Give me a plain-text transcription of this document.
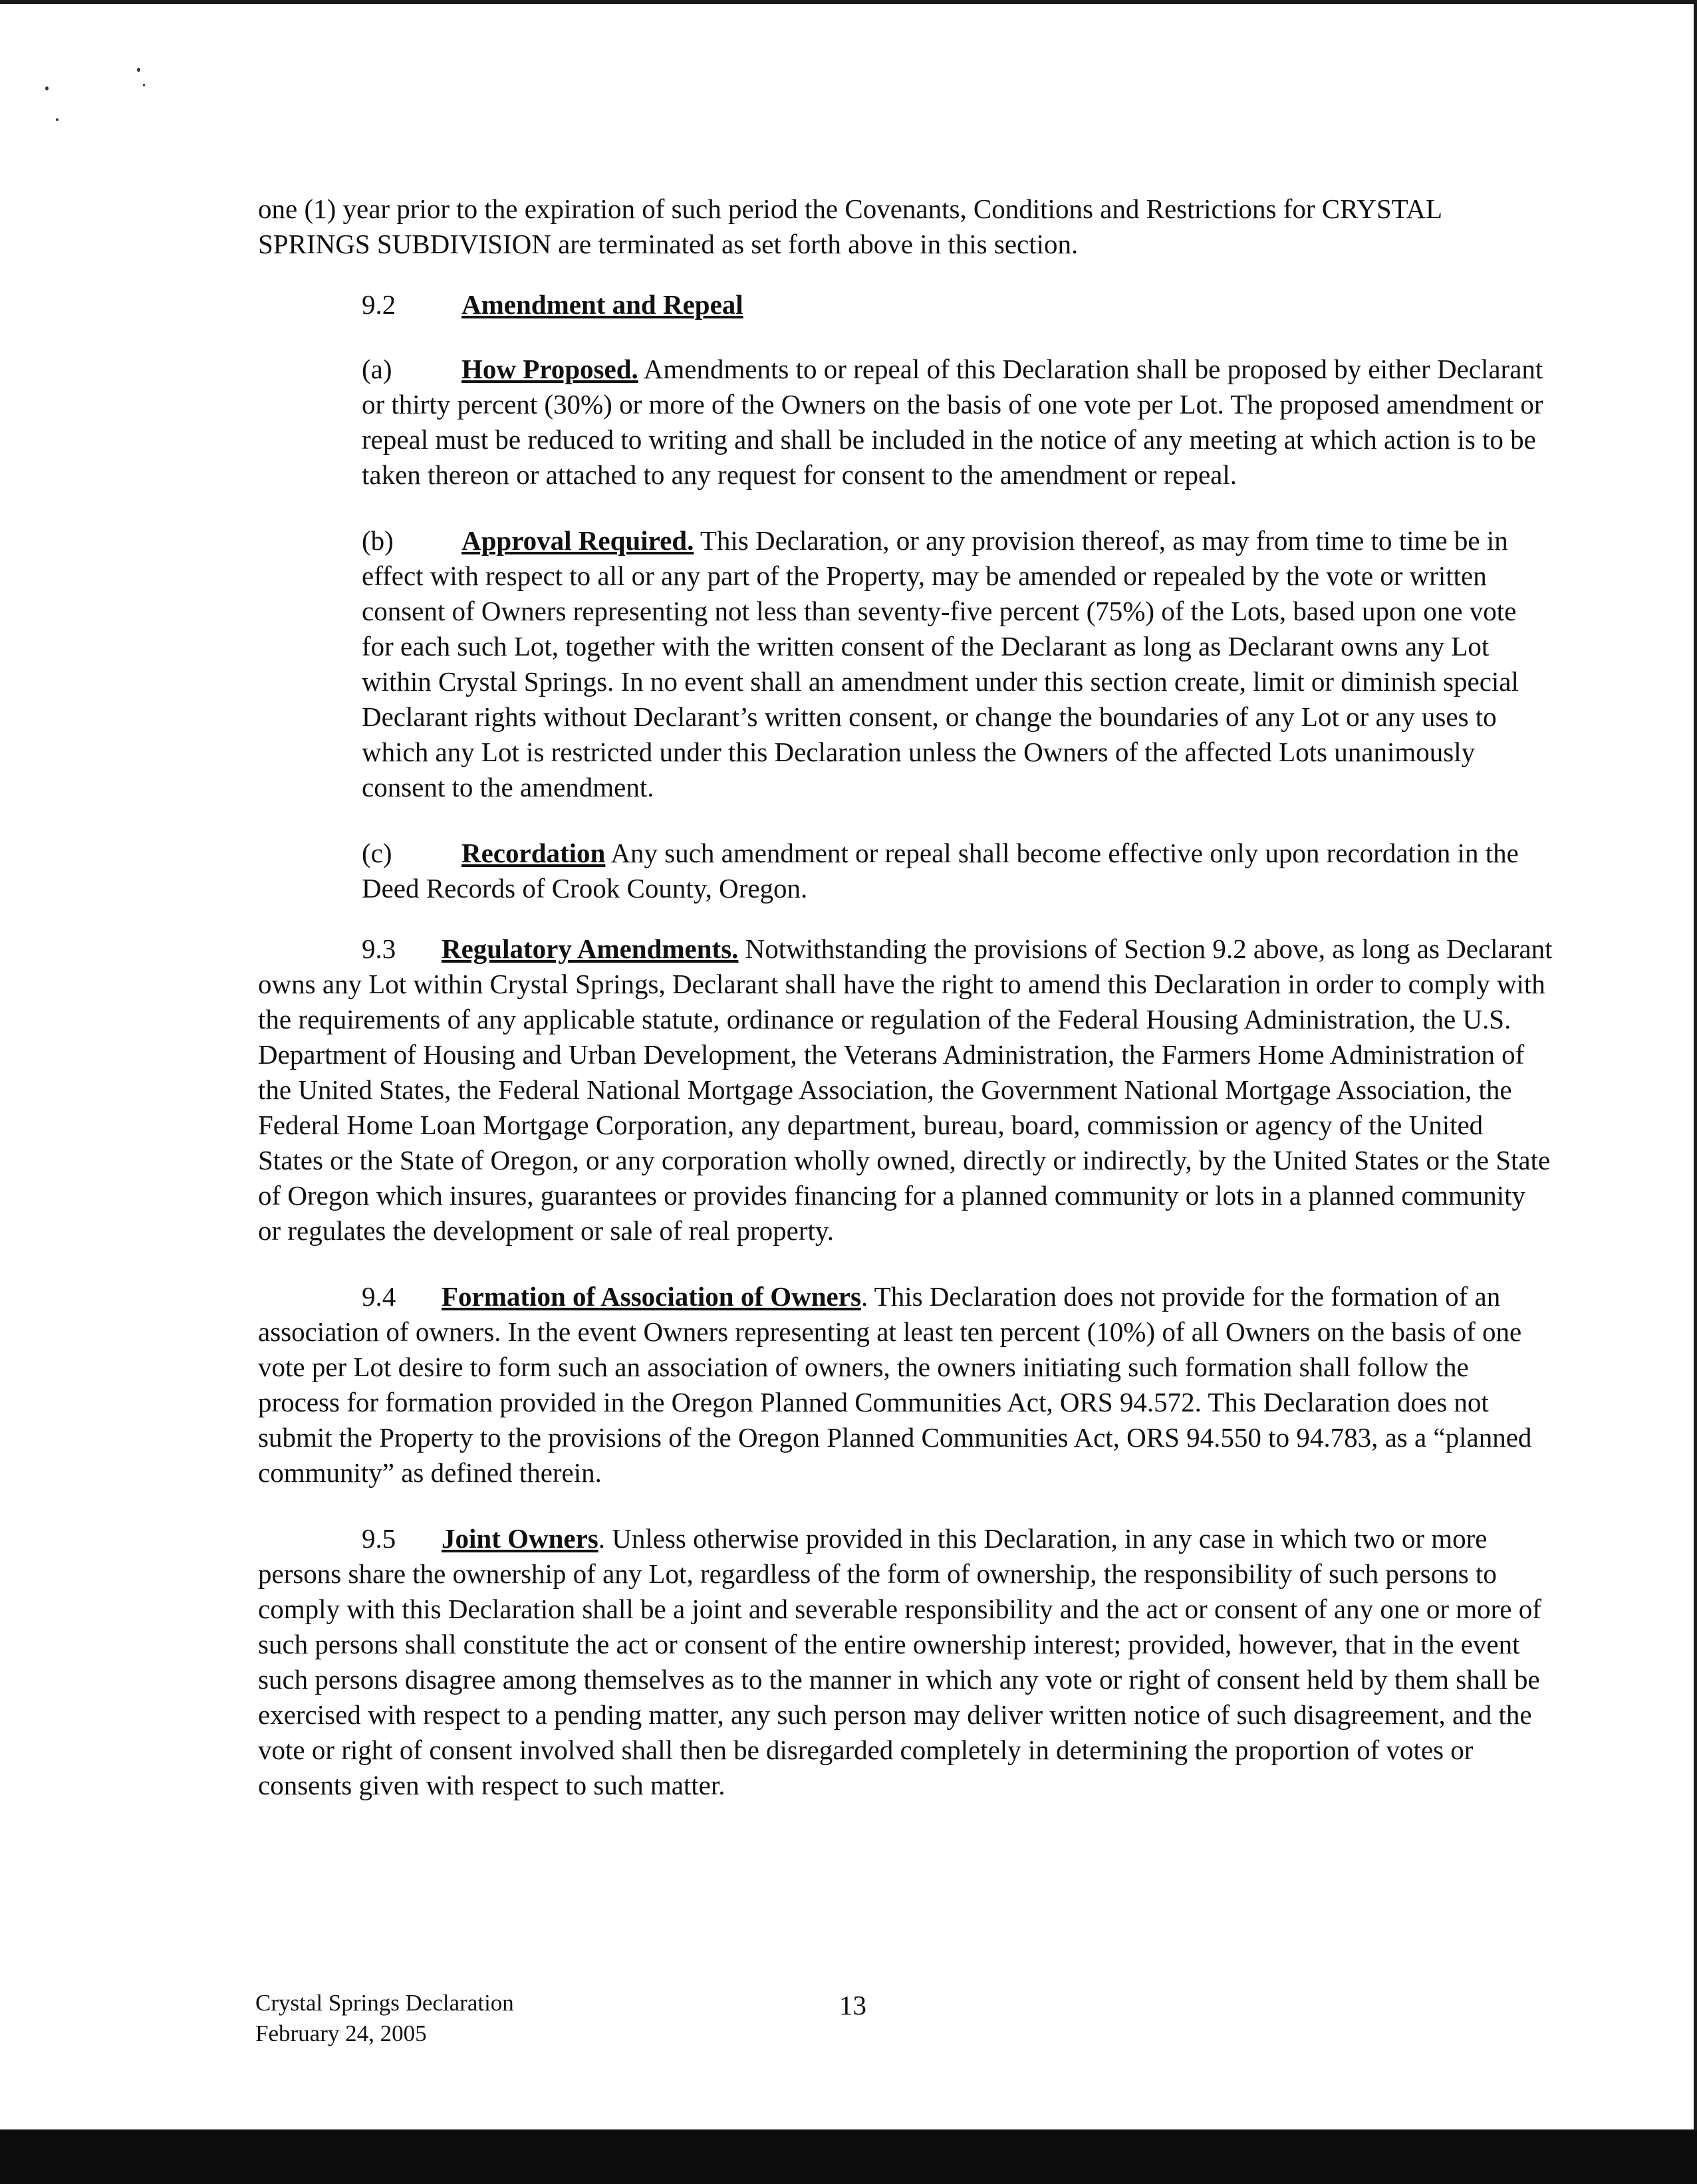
one (1) year prior to the expiration of such period the Covenants, Conditions and Restrictions for CRYSTAL SPRINGS SUBDIVISION are terminated as set forth above in this section.

9.2 Amendment and Repeal

(a)	How Proposed. Amendments to or repeal of this Declaration shall be proposed by either Declarant or thirty percent (30%) or more of the Owners on the basis of one vote per Lot. The proposed amendment or repeal must be reduced to writing and shall be included in the notice of any meeting at which action is to be taken thereon or attached to any request for consent to the amendment or repeal.

(b) Approval Required. This Declaration, or any provision thereof, as may from time to time be in effect with respect to all or any part of the Property, may be amended or repealed by the vote or written consent of Owners representing not less than seventy-five percent (75%) of the Lots, based upon one vote for each such Lot, together with the written consent of the Declarant as long as Declarant owns any Lot within Crystal Springs. In no event shall an amendment under this section create, limit or diminish special Declarant rights without Declarant’s written consent, or change the boundaries of any Lot or any uses to which any Lot is restricted under this Declaration unless the Owners of the affected Lots unanimously consent to the amendment.

(c)	Recordation Any such amendment or repeal shall become effective only upon recordation in the Deed Records of Crook County, Oregon.

9.3 Regulatory Amendments. Notwithstanding the provisions of Section 9.2 above, as long as Declarant owns any Lot within Crystal Springs, Declarant shall have the right to amend this Declaration in order to comply with the requirements of any applicable statute, ordinance or regulation of the Federal Housing Administration, the U.S. Department of Housing and Urban Development, the Veterans Administration, the Farmers Home Administration of the United States, the Federal National Mortgage Association, the Government National Mortgage Association, the Federal Home Loan Mortgage Corporation, any department, bureau, board, commission or agency of the United States or the State of Oregon, or any corporation wholly owned, directly or indirectly, by the United States or the State of Oregon which insures, guarantees or provides financing for a planned community or lots in a planned community or regulates the development or sale of real property.

9.4 Formation of Association of Owners. This Declaration does not provide for the formation of an association of owners. In the event Owners representing at least ten percent (10%) of all Owners on the basis of one vote per Lot desire to form such an association of owners, the owners initiating such formation shall follow the process for formation provided in the Oregon Planned Communities Act, ORS 94.572. This Declaration does not submit the Property to the provisions of the Oregon Planned Communities Act, ORS 94.550 to 94.783, as a “planned community” as defined therein.

9.5 Joint Owners. Unless otherwise provided in this Declaration, in any case in which two or more persons share the ownership of any Lot, regardless of the form of ownership, the responsibility of such persons to comply with this Declaration shall be a joint and severable responsibility and the act or consent of any one or more of such persons shall constitute the act or consent of the entire ownership interest; provided, however, that in the event such persons disagree among themselves as to the manner in which any vote or right of consent held by them shall be exercised with respect to a pending matter, any such person may deliver written notice of such disagreement, and the vote or right of consent involved shall then be disregarded completely in determining the proportion of votes or consents given with respect to such matter.

Crystal Springs Declaration
February 24, 2005
13
